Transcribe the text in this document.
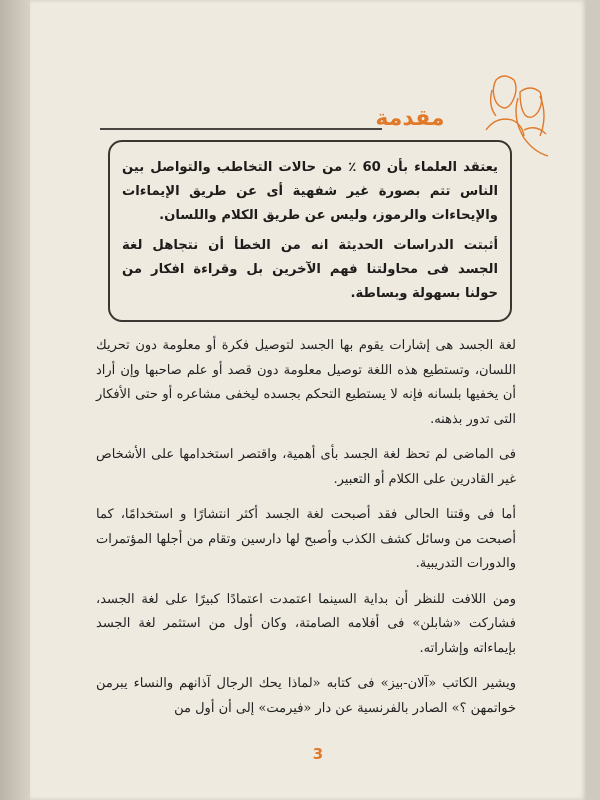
مقدمة

يعتقد العلماء بأن 60 ٪ من حالات التخاطب والتواصل بين الناس تتم بصورة غير شفهية أى عن طريق الإيماءات والإيحاءات والرموز، وليس عن طريق الكلام واللسان.

أثبتت الدراسات الحديثة انه من الخطأ أن نتجاهل لغة الجسد فى محاولتنا فهم الآخرين بل وقراءة افكار من حولنا بسهولة وبساطة.

لغة الجسد هى إشارات يقوم بها الجسد لتوصيل فكرة أو معلومة دون تحريك اللسان، وتستطيع هذه اللغة توصيل معلومة دون قصد أو علم صاحبها وإن أراد أن يخفيها بلسانه فإنه لا يستطيع التحكم بجسده ليخفى مشاعره أو حتى الأفكار التى تدور بذهنه.

فى الماضى لم تحظ لغة الجسد بأى أهمية، واقتصر استخدامها على الأشخاص غير القادرين على الكلام أو التعبير.

أما فى وقتنا الحالى فقد أصبحت لغة الجسد أكثر انتشارًا و استخدامًا، كما أصبحت من وسائل كشف الكذب وأصبح لها دارسين وتقام من أجلها المؤتمرات والدورات التدريبية.

ومن اللافت للنظر أن بداية السينما اعتمدت اعتمادًا كبيرًا على لغة الجسد، فشاركت «شابلن» فى أفلامه الصامتة، وكان أول من استثمر لغة الجسد بإيماءاته وإشاراته.

ويشير الكاتب «آلان-بيز» فى كتابه «لماذا يحك الرجال آذانهم والنساء يبرمن خواتمهن ؟» الصادر بالفرنسية عن دار «فيرمت» إلى أن أول من

3
